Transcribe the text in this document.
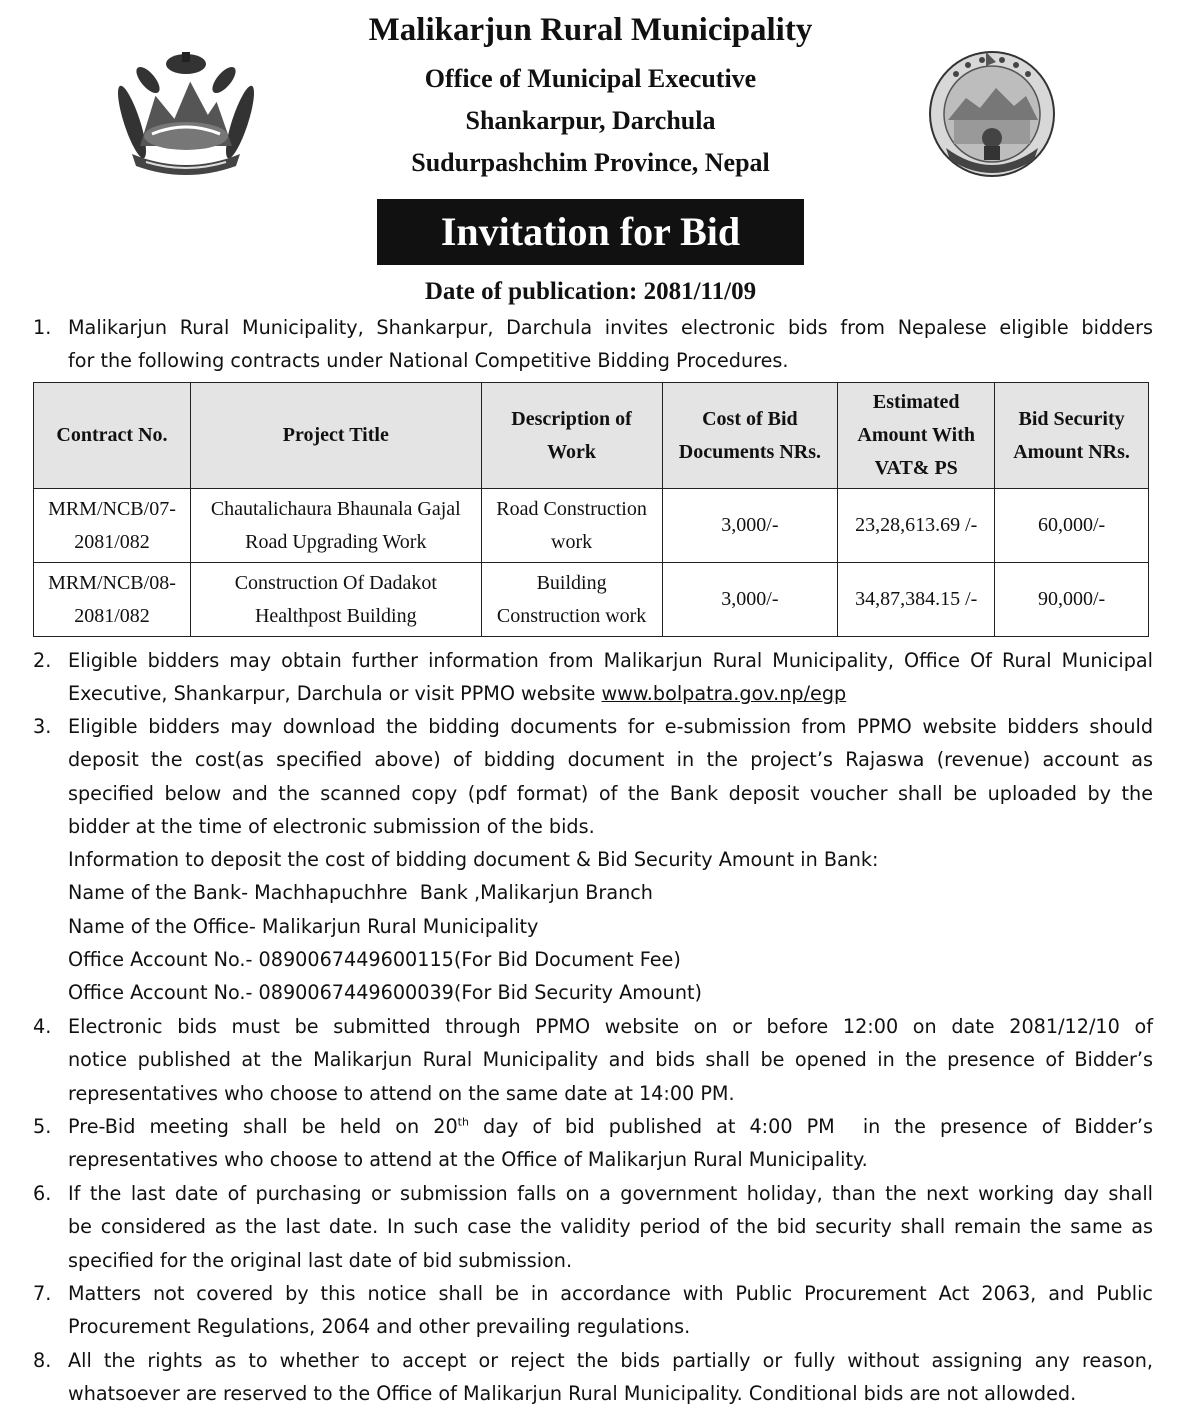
Malikarjun Rural Municipality
Office of Municipal Executive
Shankarpur, Darchula
Sudurpashchim Province, Nepal
Invitation for Bid
Date of publication: 2081/11/09
1. Malikarjun Rural Municipality, Shankarpur, Darchula invites electronic bids from Nepalese eligible bidders
for the following contracts under National Competitive Bidding Procedures.
Contract No.	Project Title	Description of Work	Cost of Bid Documents NRs.	Estimated Amount With VAT& PS	Bid Security Amount NRs.
MRM/NCB/07-2081/082	Chautalichaura Bhaunala Gajal Road Upgrading Work	Road Construction work	3,000/-	23,28,613.69 /-	60,000/-
MRM/NCB/08-2081/082	Construction Of Dadakot Healthpost Building	Building Construction work	3,000/-	34,87,384.15 /-	90,000/-
2. Eligible bidders may obtain further information from Malikarjun Rural Municipality, Office Of Rural Municipal
Executive, Shankarpur, Darchula or visit PPMO website www.bolpatra.gov.np/egp
3. Eligible bidders may download the bidding documents for e-submission from PPMO website bidders should
deposit the cost(as specified above) of bidding document in the project’s Rajaswa (revenue) account as
specified below and the scanned copy (pdf format) of the Bank deposit voucher shall be uploaded by the
bidder at the time of electronic submission of the bids.
Information to deposit the cost of bidding document & Bid Security Amount in Bank:
Name of the Bank- Machhapuchhre  Bank ,Malikarjun Branch
Name of the Office- Malikarjun Rural Municipality
Office Account No.- 0890067449600115(For Bid Document Fee)
Office Account No.- 0890067449600039(For Bid Security Amount)
4. Electronic bids must be submitted through PPMO website on or before 12:00 on date 2081/12/10 of
notice published at the Malikarjun Rural Municipality and bids shall be opened in the presence of Bidder’s
representatives who choose to attend on the same date at 14:00 PM.
5. Pre-Bid meeting shall be held on 20th day of bid published at 4:00 PM  in the presence of Bidder’s
representatives who choose to attend at the Office of Malikarjun Rural Municipality.
6. If the last date of purchasing or submission falls on a government holiday, than the next working day shall
be considered as the last date. In such case the validity period of the bid security shall remain the same as
specified for the original last date of bid submission.
7. Matters not covered by this notice shall be in accordance with Public Procurement Act 2063, and Public
Procurement Regulations, 2064 and other prevailing regulations.
8. All the rights as to whether to accept or reject the bids partially or fully without assigning any reason,
whatsoever are reserved to the Office of Malikarjun Rural Municipality. Conditional bids are not allowded.
